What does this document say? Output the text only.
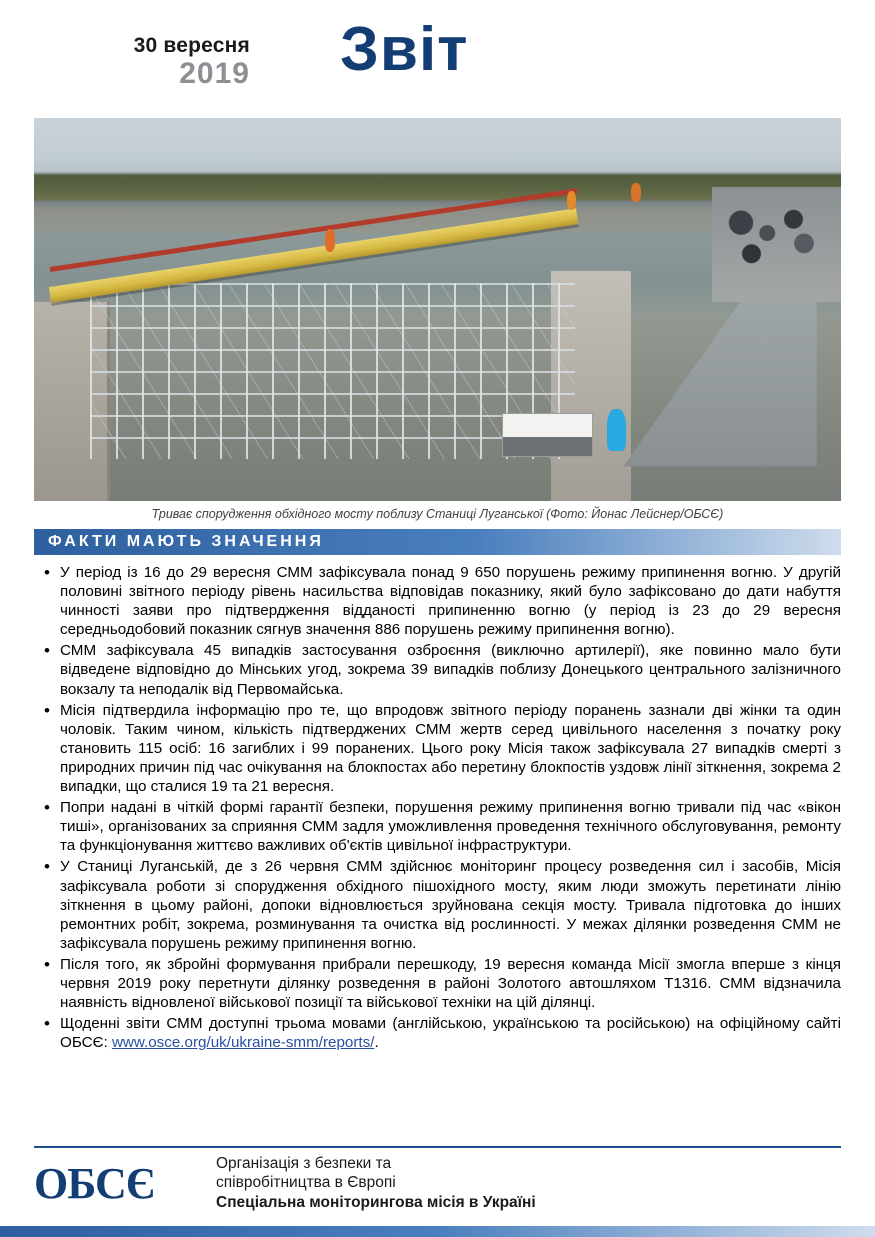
30 вересня
2019 Звіт
Триває спорудження обхідного мосту поблизу Станиці Луганської (Фото: Йонас Лейснер/ОБСЄ)
ФАКТИ МАЮТЬ ЗНАЧЕННЯ
• У період із 16 до 29 вересня СММ зафіксувала понад 9 650 порушень режиму припинення вогню. У другій половині звітного періоду рівень насильства відповідав показнику, який було зафіксовано до дати набуття чинності заяви про підтвердження відданості припиненню вогню (у період із 23 до 29 вересня середньодобовий показник сягнув значення 886 порушень режиму припинення вогню).
• СММ зафіксувала 45 випадків застосування озброєння (виключно артилерії), яке повинно мало бути відведене відповідно до Мінських угод, зокрема 39 випадків поблизу Донецького центрального залізничного вокзалу та неподалік від Первомайська.
• Місія підтвердила інформацію про те, що впродовж звітного періоду поранень зазнали дві жінки та один чоловік. Таким чином, кількість підтверджених СММ жертв серед цивільного населення з початку року становить 115 осіб: 16 загиблих і 99 поранених. Цього року Місія також зафіксувала 27 випадків смерті з природних причин під час очікування на блокпостах або перетину блокпостів уздовж лінії зіткнення, зокрема 2 випадки, що сталися 19 та 21 вересня.
• Попри надані в чіткій формі гарантії безпеки, порушення режиму припинення вогню тривали під час «вікон тиші», організованих за сприяння СММ задля уможливлення проведення технічного обслуговування, ремонту та функціонування життєво важливих об'єктів цивільної інфраструктури.
• У Станиці Луганській, де з 26 червня СММ здійснює моніторинг процесу розведення сил і засобів, Місія зафіксувала роботи зі спорудження обхідного пішохідного мосту, яким люди зможуть перетинати лінію зіткнення в цьому районі, допоки відновлюється зруйнована секція мосту. Тривала підготовка до інших ремонтних робіт, зокрема, розминування та очистка від рослинності. У межах ділянки розведення СММ не зафіксувала порушень режиму припинення вогню.
• Після того, як збройні формування прибрали перешкоду, 19 вересня команда Місії змогла вперше з кінця червня 2019 року перетнути ділянку розведення в районі Золотого автошляхом Т1316. СММ відзначила наявність відновленої військової позиції та військової техніки на цій ділянці.
• Щоденні звіти СММ доступні трьома мовами (англійською, українською та російською) на офіційному сайті ОБСЄ: www.osce.org/uk/ukraine-smm/reports/.
ОБСЄ	Організація з безпеки та
співробітництва в Європі
Спеціальна моніторингова місія в Україні
